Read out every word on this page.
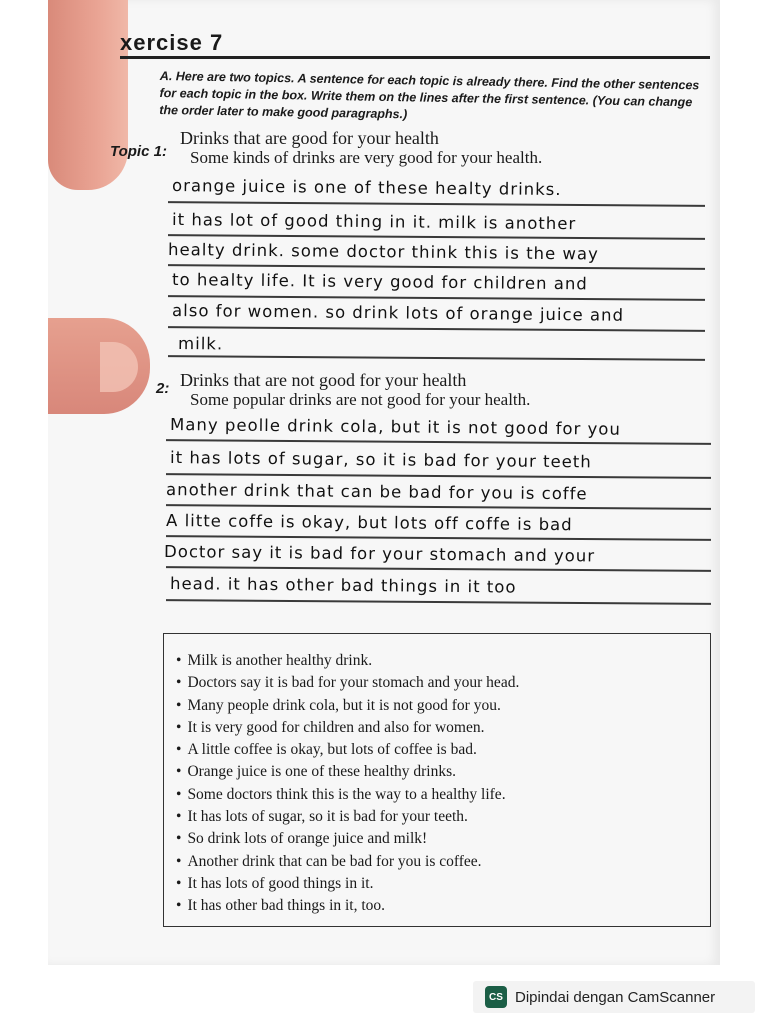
xercise 7
A. Here are two topics. A sentence for each topic is already there. Find the other sentences for each topic in the box. Write them on the lines after the first sentence. (You can change the order later to make good paragraphs.)
Topic 1:
Drinks that are good for your health
Some kinds of drinks are very good for your health.
orange juice is one of these healty drinks.
it has lot of good thing in it. milk is another
healty drink. some doctor think this is the way
to healty life. It is very good for children and
also for women. so drink lots of orange juice and
milk.
2: Drinks that are not good for your health
Some popular drinks are not good for your health.
Many peolle drink cola, but it is not good for you
it has lots of sugar, so it is bad for your teeth
another drink that can be bad for you is coffe
A litte coffe is okay, but lots off coffe is bad
Doctor say it is bad for your stomach and your
head. it has other bad things in it too
• Milk is another healthy drink.
• Doctors say it is bad for your stomach and your head.
• Many people drink cola, but it is not good for you.
• It is very good for children and also for women.
• A little coffee is okay, but lots of coffee is bad.
• Orange juice is one of these healthy drinks.
• Some doctors think this is the way to a healthy life.
• It has lots of sugar, so it is bad for your teeth.
• So drink lots of orange juice and milk!
• Another drink that can be bad for you is coffee.
• It has lots of good things in it.
• It has other bad things in it, too.
CS Dipindai dengan CamScanner
